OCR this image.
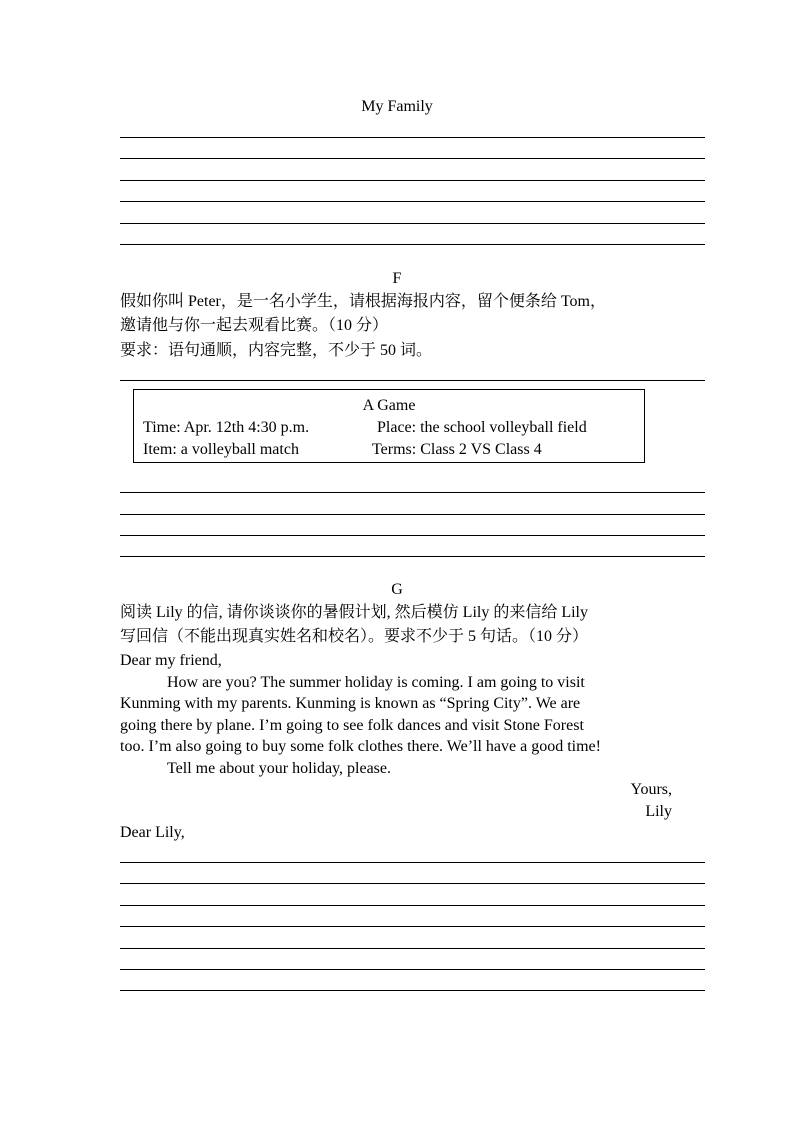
My Family
F
假如你叫 Peter，是一名小学生，请根据海报内容，留个便条给 Tom，
邀请他与你一起去观看比赛。（10 分）
要求：语句通顺，内容完整，不少于 50 词。
A Game
Time: Apr. 12th 4:30 p.m.	Place: the school volleyball field
Item: a volleyball match	Terms: Class 2 VS Class 4
G
阅读 Lily 的信, 请你谈谈你的暑假计划, 然后模仿 Lily 的来信给 Lily
写回信（不能出现真实姓名和校名）。要求不少于 5 句话。（10 分）
Dear my friend,
How are you? The summer holiday is coming. I am going to visit
Kunming with my parents. Kunming is known as “Spring City”. We are
going there by plane. I’m going to see folk dances and visit Stone Forest
too. I’m also going to buy some folk clothes there. We’ll have a good time!
Tell me about your holiday, please.
Yours,
Lily
Dear Lily,
